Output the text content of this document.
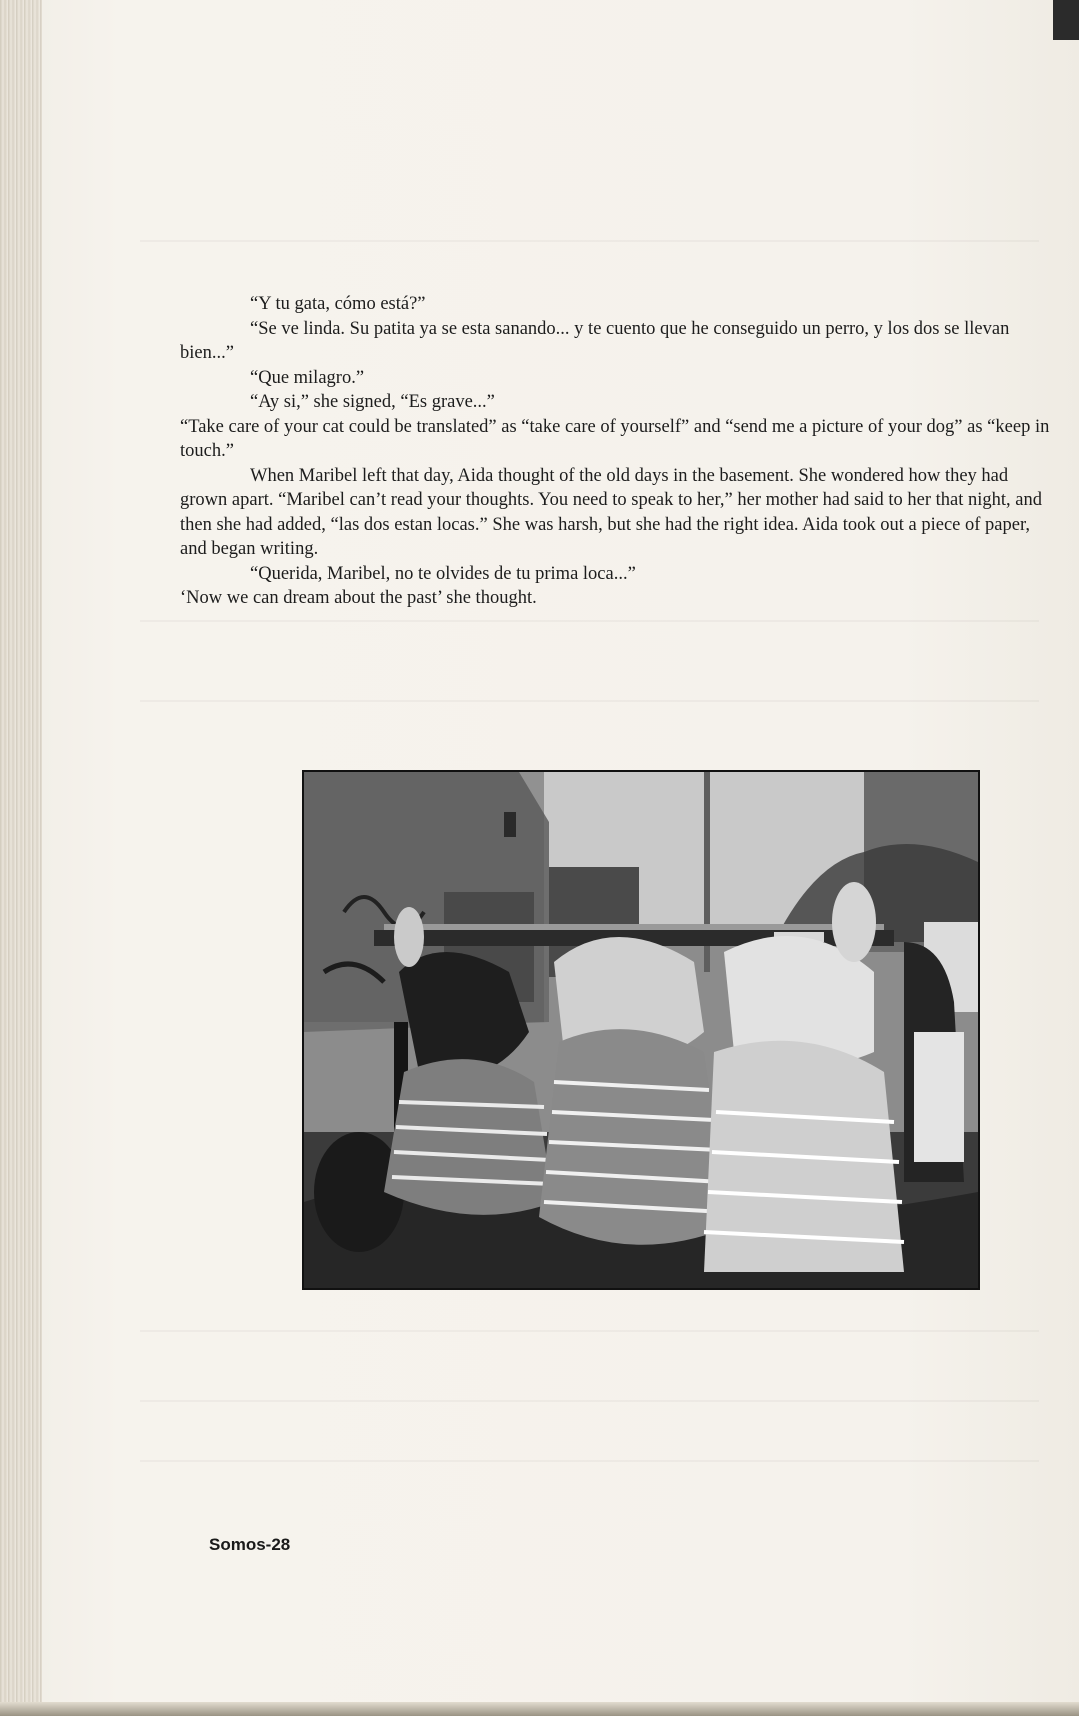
“Y tu gata, cómo está?”

“Se ve linda. Su patita ya se esta sanando... y te cuento que he conseguido un perro, y los dos se llevan bien...”

“Que milagro.”

“Ay si,” she signed, “Es grave...”

“Take care of your cat could be translated” as “take care of yourself” and “send me a picture of your dog” as “keep in touch.”

When Maribel left that day, Aida thought of the old days in the basement. She wondered how they had grown apart. “Maribel can’t read your thoughts. You need to speak to her,” her mother had said to her that night, and then she had added, “las dos estan locas.” She was harsh, but she had the right idea. Aida took out a piece of paper, and began writing.

“Querida, Maribel, no te olvides de tu prima loca...”

‘Now we can dream about the past’ she thought.

Somos-28
